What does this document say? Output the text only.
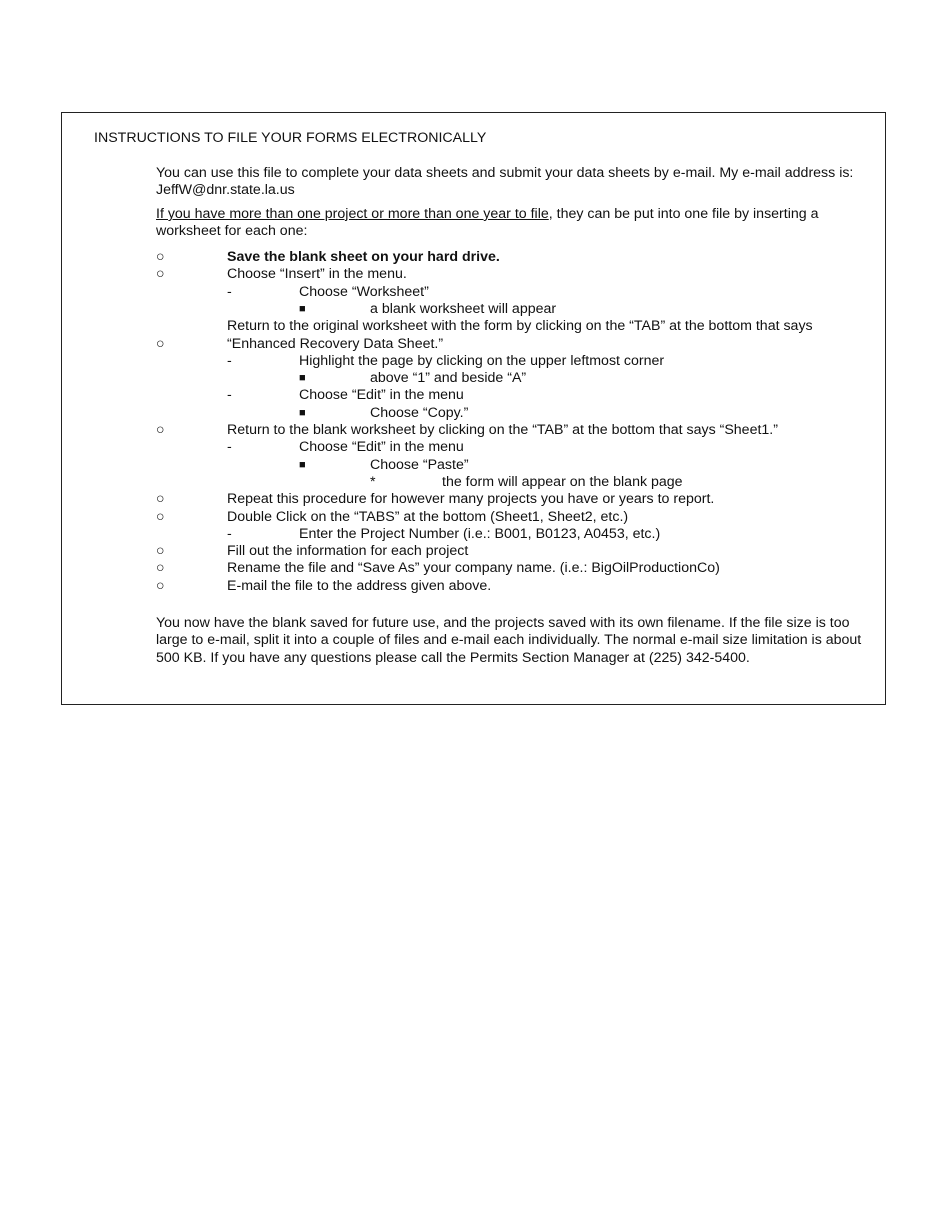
INSTRUCTIONS TO FILE YOUR FORMS ELECTRONICALLY
You can use this file to complete your data sheets and submit your data sheets by e-mail. My e-mail address is: JeffW@dnr.state.la.us
If you have more than one project or more than one year to file, they can be put into one file by inserting a worksheet for each one:
○	Save the blank sheet on your hard drive.
○	Choose “Insert” in the menu.
-	Choose “Worksheet”
■	a blank worksheet will appear
Return to the original worksheet with the form by clicking on the “TAB” at the bottom that says
○	“Enhanced Recovery Data Sheet.”
-	Highlight the page by clicking on the upper leftmost corner
■	above “1” and beside “A”
-	Choose “Edit” in the menu
■	Choose “Copy.”
○	Return to the blank worksheet by clicking on the “TAB” at the bottom that says “Sheet1.”
-	Choose “Edit” in the menu
■	Choose “Paste”
*	the form will appear on the blank page
○	Repeat this procedure for however many projects you have or years to report.
○	Double Click on the “TABS” at the bottom (Sheet1, Sheet2, etc.)
-	Enter the Project Number (i.e.: B001, B0123, A0453, etc.)
○	Fill out the information for each project
○	Rename the file and “Save As” your company name. (i.e.: BigOilProductionCo)
○	E-mail the file to the address given above.
You now have the blank saved for future use, and the projects saved with its own filename. If the file size is too large to e-mail, split it into a couple of files and e-mail each individually. The normal e-mail size limitation is about 500 KB. If you have any questions please call the Permits Section Manager at (225) 342-5400.
